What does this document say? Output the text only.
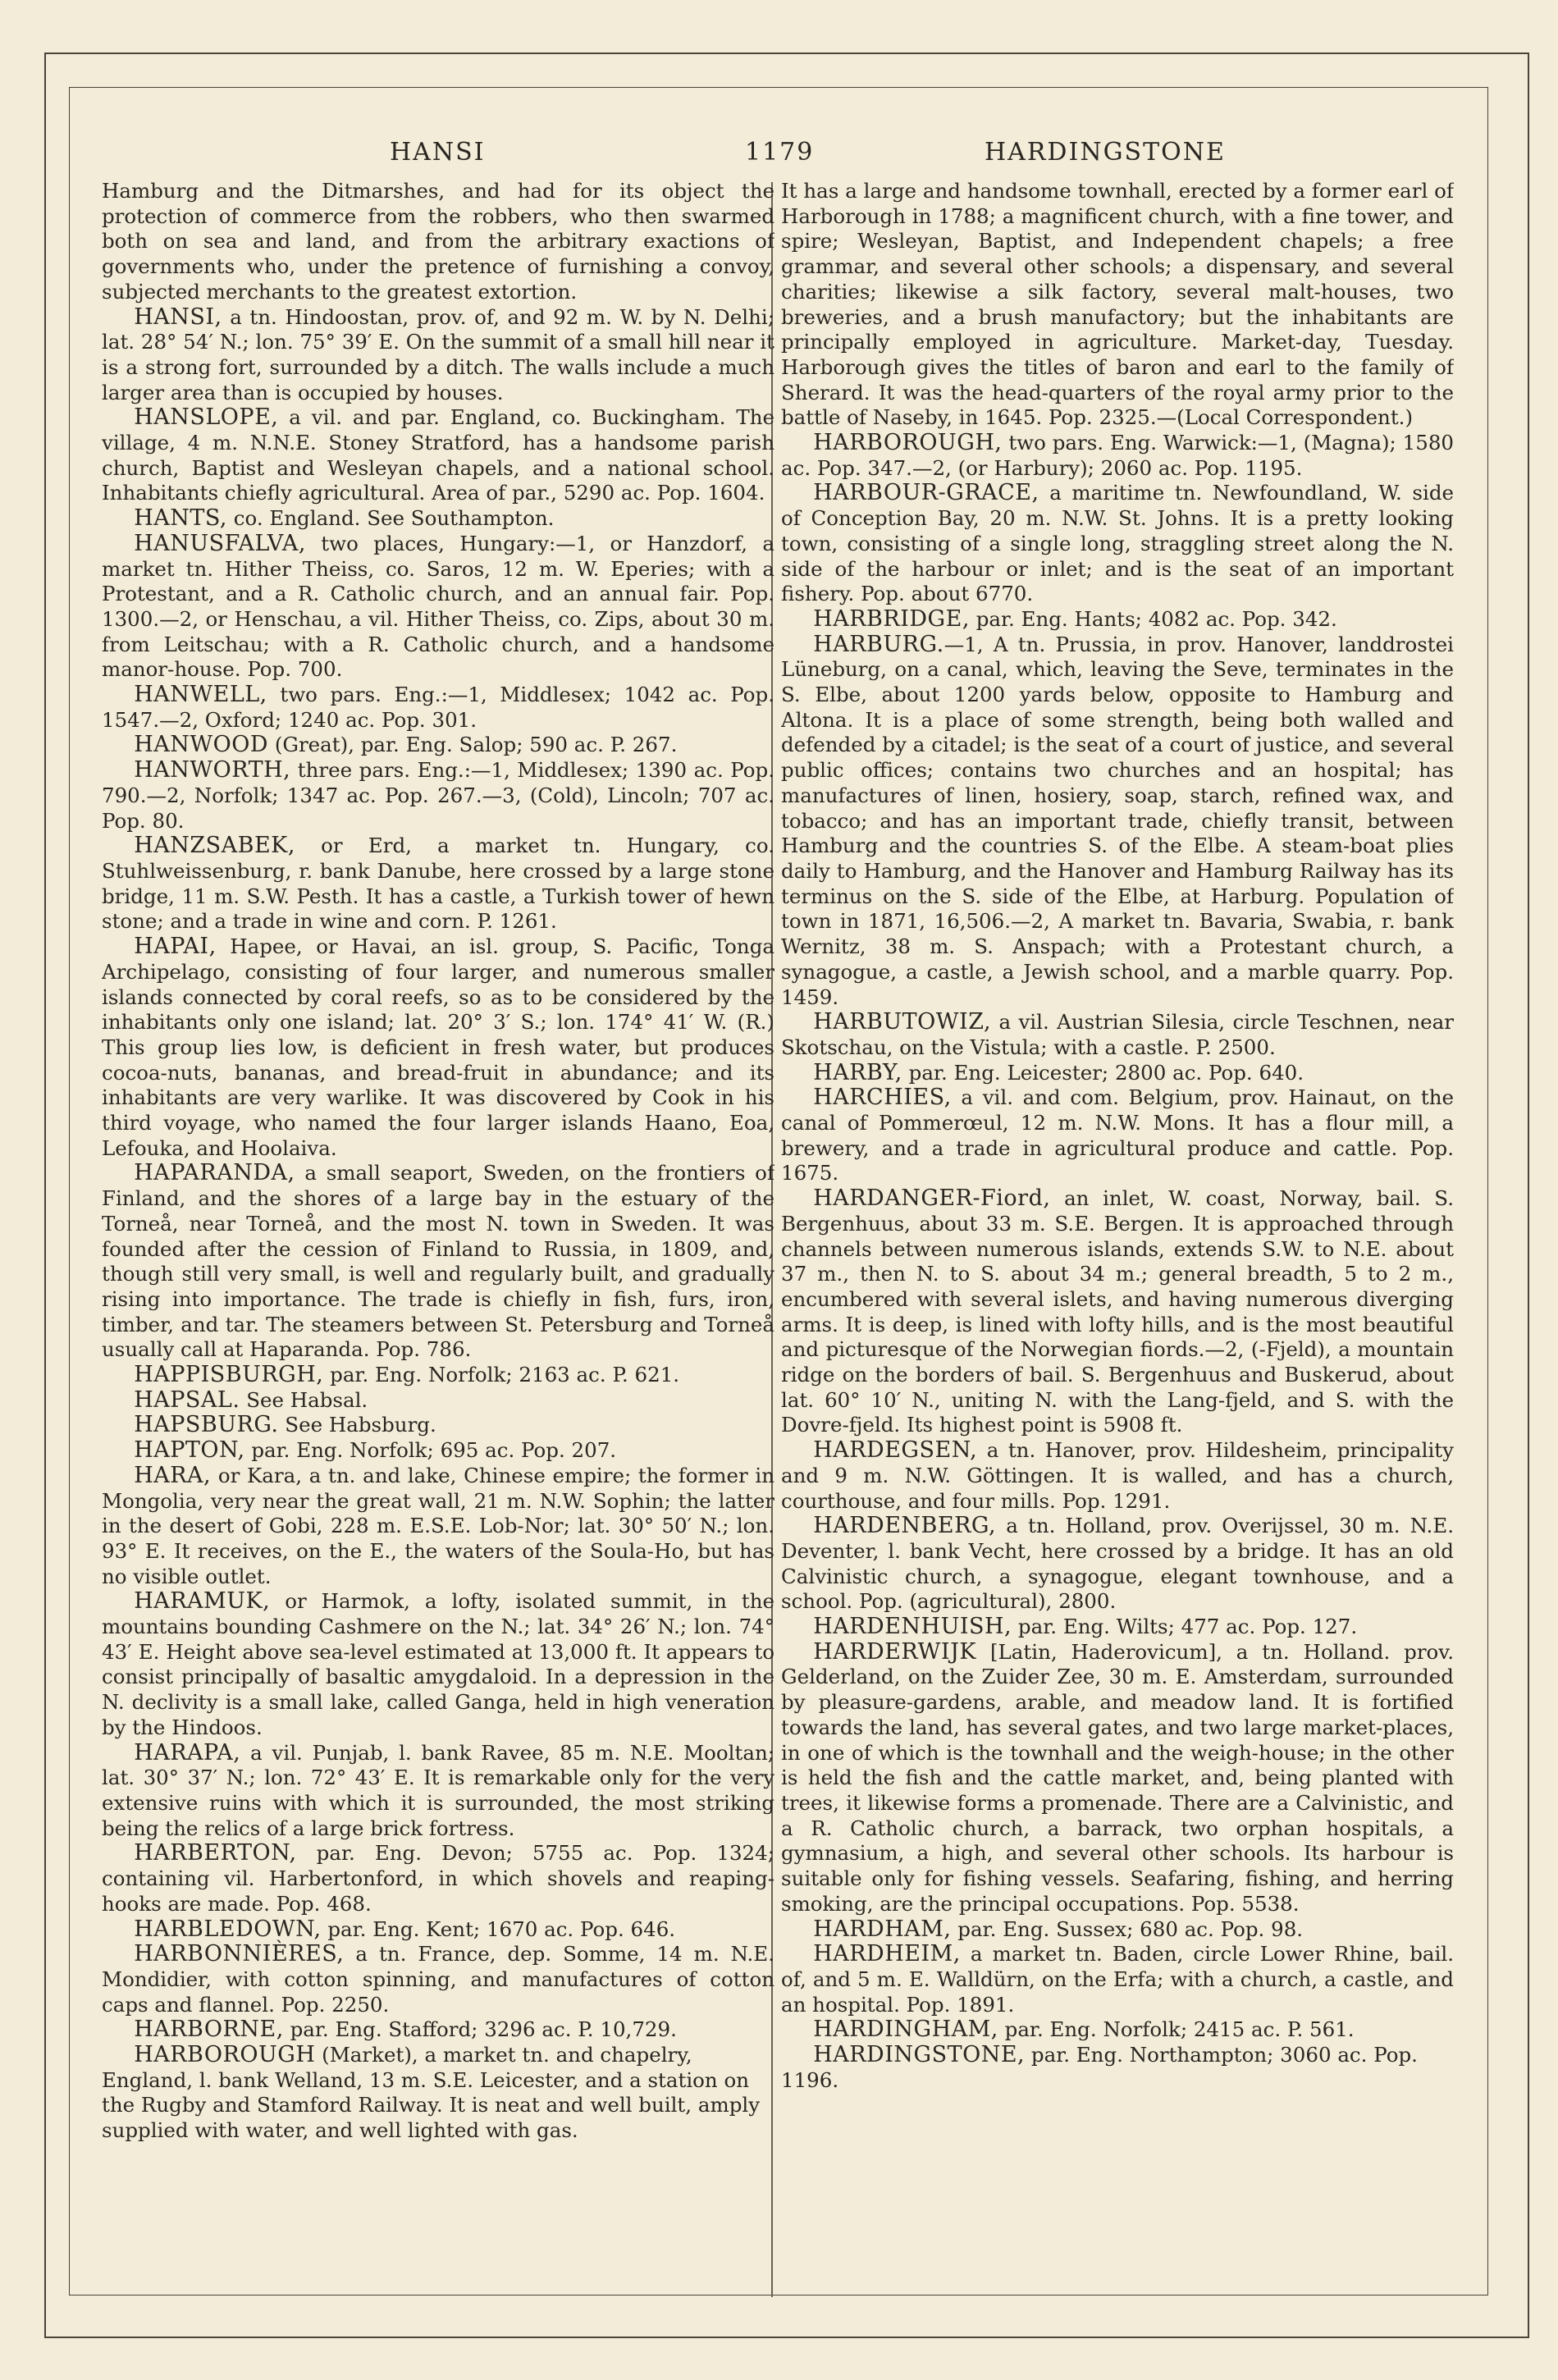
HANSI	1179	HARDINGSTONE

Hamburg and the Ditmarshes, and had for its object the protection of commerce from the robbers, who then swarmed both on sea and land, and from the arbitrary exactions of governments who, under the pretence of furnishing a convoy, subjected merchants to the greatest extortion.

HANSI, a tn. Hindoostan, prov. of, and 92 m. W. by N. Delhi; lat. 28° 54′ N.; lon. 75° 39′ E. On the summit of a small hill near it is a strong fort, surrounded by a ditch. The walls include a much larger area than is occupied by houses.

HANSLOPE, a vil. and par. England, co. Buckingham. The village, 4 m. N.N.E. Stoney Stratford, has a handsome parish church, Baptist and Wesleyan chapels, and a national school. Inhabitants chiefly agricultural. Area of par., 5290 ac. Pop. 1604.

HANTS, co. England. See Southampton.

HANUSFALVA, two places, Hungary:—1, or Hanzdorf, a market tn. Hither Theiss, co. Saros, 12 m. W. Eperies; with a Protestant, and a R. Catholic church, and an annual fair. Pop. 1300.—2, or Henschau, a vil. Hither Theiss, co. Zips, about 30 m. from Leitschau; with a R. Catholic church, and a handsome manor-house. Pop. 700.

HANWELL, two pars. Eng.:—1, Middlesex; 1042 ac. Pop. 1547.—2, Oxford; 1240 ac. Pop. 301.

HANWOOD (Great), par. Eng. Salop; 590 ac. P. 267.

HANWORTH, three pars. Eng.:—1, Middlesex; 1390 ac. Pop. 790.—2, Norfolk; 1347 ac. Pop. 267.—3, (Cold), Lincoln; 707 ac. Pop. 80.

HANZSABEK, or Erd, a market tn. Hungary, co. Stuhlweissenburg, r. bank Danube, here crossed by a large stone bridge, 11 m. S.W. Pesth. It has a castle, a Turkish tower of hewn stone; and a trade in wine and corn. P. 1261.

HAPAI, Hapee, or Havai, an isl. group, S. Pacific, Tonga Archipelago, consisting of four larger, and numerous smaller islands connected by coral reefs, so as to be considered by the inhabitants only one island; lat. 20° 3′ S.; lon. 174° 41′ W. (R.) This group lies low, is deficient in fresh water, but produces cocoa-nuts, bananas, and bread-fruit in abundance; and its inhabitants are very warlike. It was discovered by Cook in his third voyage, who named the four larger islands Haano, Eoa, Lefouka, and Hoolaiva.

HAPARANDA, a small seaport, Sweden, on the frontiers of Finland, and the shores of a large bay in the estuary of the Torneå, near Torneå, and the most N. town in Sweden. It was founded after the cession of Finland to Russia, in 1809, and, though still very small, is well and regularly built, and gradually rising into importance. The trade is chiefly in fish, furs, iron, timber, and tar. The steamers between St. Petersburg and Torneå usually call at Haparanda. Pop. 786.

HAPPISBURGH, par. Eng. Norfolk; 2163 ac. P. 621.

HAPSAL. See Habsal.

HAPSBURG. See Habsburg.

HAPTON, par. Eng. Norfolk; 695 ac. Pop. 207.

HARA, or Kara, a tn. and lake, Chinese empire; the former in Mongolia, very near the great wall, 21 m. N.W. Sophin; the latter in the desert of Gobi, 228 m. E.S.E. Lob-Nor; lat. 30° 50′ N.; lon. 93° E. It receives, on the E., the waters of the Soula-Ho, but has no visible outlet.

HARAMUK, or Harmok, a lofty, isolated summit, in the mountains bounding Cashmere on the N.; lat. 34° 26′ N.; lon. 74° 43′ E. Height above sea-level estimated at 13,000 ft. It appears to consist principally of basaltic amygdaloid. In a depression in the N. declivity is a small lake, called Ganga, held in high veneration by the Hindoos.

HARAPA, a vil. Punjab, l. bank Ravee, 85 m. N.E. Mooltan; lat. 30° 37′ N.; lon. 72° 43′ E. It is remarkable only for the very extensive ruins with which it is surrounded, the most striking being the relics of a large brick fortress.

HARBERTON, par. Eng. Devon; 5755 ac. Pop. 1324; containing vil. Harbertonford, in which shovels and reaping-hooks are made. Pop. 468.

HARBLEDOWN, par. Eng. Kent; 1670 ac. Pop. 646.

HARBONNIÈRES, a tn. France, dep. Somme, 14 m. N.E. Mondidier, with cotton spinning, and manufactures of cotton caps and flannel. Pop. 2250.

HARBORNE, par. Eng. Stafford; 3296 ac. P. 10,729.

HARBOROUGH (Market), a market tn. and chapelry, England, l. bank Welland, 13 m. S.E. Leicester, and a station on the Rugby and Stamford Railway. It is neat and well built, amply supplied with water, and well lighted with gas.

It has a large and handsome townhall, erected by a former earl of Harborough in 1788; a magnificent church, with a fine tower, and spire; Wesleyan, Baptist, and Independent chapels; a free grammar, and several other schools; a dispensary, and several charities; likewise a silk factory, several malt-houses, two breweries, and a brush manufactory; but the inhabitants are principally employed in agriculture. Market-day, Tuesday. Harborough gives the titles of baron and earl to the family of Sherard. It was the head-quarters of the royal army prior to the battle of Naseby, in 1645. Pop. 2325.—(Local Correspondent.)

HARBOROUGH, two pars. Eng. Warwick:—1, (Magna); 1580 ac. Pop. 347.—2, (or Harbury); 2060 ac. Pop. 1195.

HARBOUR-GRACE, a maritime tn. Newfoundland, W. side of Conception Bay, 20 m. N.W. St. Johns. It is a pretty looking town, consisting of a single long, straggling street along the N. side of the harbour or inlet; and is the seat of an important fishery. Pop. about 6770.

HARBRIDGE, par. Eng. Hants; 4082 ac. Pop. 342.

HARBURG.—1, A tn. Prussia, in prov. Hanover, landdrostei Lüneburg, on a canal, which, leaving the Seve, terminates in the S. Elbe, about 1200 yards below, opposite to Hamburg and Altona. It is a place of some strength, being both walled and defended by a citadel; is the seat of a court of justice, and several public offices; contains two churches and an hospital; has manufactures of linen, hosiery, soap, starch, refined wax, and tobacco; and has an important trade, chiefly transit, between Hamburg and the countries S. of the Elbe. A steam-boat plies daily to Hamburg, and the Hanover and Hamburg Railway has its terminus on the S. side of the Elbe, at Harburg. Population of town in 1871, 16,506.—2, A market tn. Bavaria, Swabia, r. bank Wernitz, 38 m. S. Anspach; with a Protestant church, a synagogue, a castle, a Jewish school, and a marble quarry. Pop. 1459.

HARBUTOWIZ, a vil. Austrian Silesia, circle Teschnen, near Skotschau, on the Vistula; with a castle. P. 2500.

HARBY, par. Eng. Leicester; 2800 ac. Pop. 640.

HARCHIES, a vil. and com. Belgium, prov. Hainaut, on the canal of Pommerœul, 12 m. N.W. Mons. It has a flour mill, a brewery, and a trade in agricultural produce and cattle. Pop. 1675.

HARDANGER-Fiord, an inlet, W. coast, Norway, bail. S. Bergenhuus, about 33 m. S.E. Bergen. It is approached through channels between numerous islands, extends S.W. to N.E. about 37 m., then N. to S. about 34 m.; general breadth, 5 to 2 m., encumbered with several islets, and having numerous diverging arms. It is deep, is lined with lofty hills, and is the most beautiful and picturesque of the Norwegian fiords.—2, (-Fjeld), a mountain ridge on the borders of bail. S. Bergenhuus and Buskerud, about lat. 60° 10′ N., uniting N. with the Lang-fjeld, and S. with the Dovre-fjeld. Its highest point is 5908 ft.

HARDEGSEN, a tn. Hanover, prov. Hildesheim, principality and 9 m. N.W. Göttingen. It is walled, and has a church, courthouse, and four mills. Pop. 1291.

HARDENBERG, a tn. Holland, prov. Overijssel, 30 m. N.E. Deventer, l. bank Vecht, here crossed by a bridge. It has an old Calvinistic church, a synagogue, elegant townhouse, and a school. Pop. (agricultural), 2800.

HARDENHUISH, par. Eng. Wilts; 477 ac. Pop. 127.

HARDERWIJK [Latin, Haderovicum], a tn. Holland. prov. Gelderland, on the Zuider Zee, 30 m. E. Amsterdam, surrounded by pleasure-gardens, arable, and meadow land. It is fortified towards the land, has several gates, and two large market-places, in one of which is the townhall and the weigh-house; in the other is held the fish and the cattle market, and, being planted with trees, it likewise forms a promenade. There are a Calvinistic, and a R. Catholic church, a barrack, two orphan hospitals, a gymnasium, a high, and several other schools. Its harbour is suitable only for fishing vessels. Seafaring, fishing, and herring smoking, are the principal occupations. Pop. 5538.

HARDHAM, par. Eng. Sussex; 680 ac. Pop. 98.

HARDHEIM, a market tn. Baden, circle Lower Rhine, bail. of, and 5 m. E. Walldürn, on the Erfa; with a church, a castle, and an hospital. Pop. 1891.

HARDINGHAM, par. Eng. Norfolk; 2415 ac. P. 561.

HARDINGSTONE, par. Eng. Northampton; 3060 ac. Pop. 1196.
